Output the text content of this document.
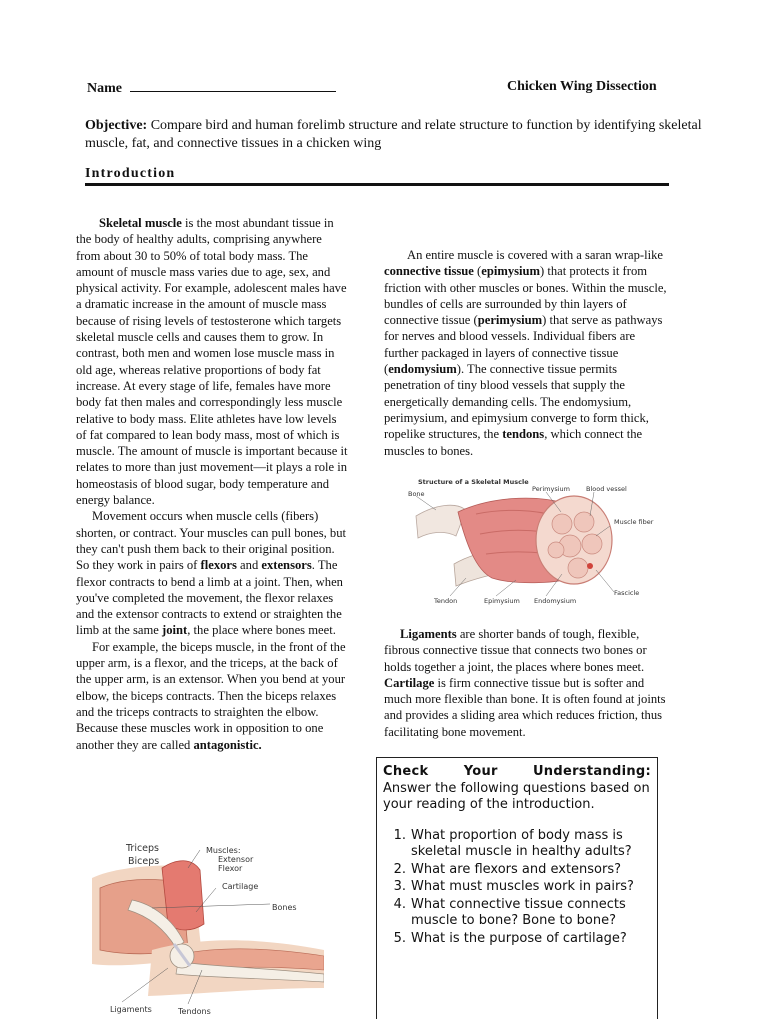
Name	Chicken Wing Dissection
Objective: Compare bird and human forelimb structure and relate structure to function by identifying skeletal muscle, fat, and connective tissues in a chicken wing
Introduction

Skeletal muscle is the most abundant tissue in the body of healthy adults, comprising anywhere from about 30 to 50% of total body mass. The amount of muscle mass varies due to age, sex, and physical activity. For example, adolescent males have a dramatic increase in the amount of muscle mass because of rising levels of testosterone which targets skeletal muscle cells and causes them to grow. In contrast, both men and women lose muscle mass in old age, whereas relative proportions of body fat increase. At every stage of life, females have more body fat then males and correspondingly less muscle relative to body mass. Elite athletes have low levels of fat compared to lean body mass, most of which is muscle. The amount of muscle is important because it relates to more than just movement—it plays a role in homeostasis of blood sugar, body temperature and energy balance.

Movement occurs when muscle cells (fibers) shorten, or contract. Your muscles can pull bones, but they can't push them back to their original position. So they work in pairs of flexors and extensors. The flexor contracts to bend a limb at a joint. Then, when you've completed the movement, the flexor relaxes and the extensor contracts to extend or straighten the limb at the same joint, the place where bones meet.

For example, the biceps muscle, in the front of the upper arm, is a flexor, and the triceps, at the back of the upper arm, is an extensor. When you bend at your elbow, the biceps contracts. Then the biceps relaxes and the triceps contracts to straighten the elbow. Because these muscles work in opposition to one another they are called antagonistic.

An entire muscle is covered with a saran wrap-like connective tissue (epimysium) that protects it from friction with other muscles or bones. Within the muscle, bundles of cells are surrounded by thin layers of connective tissue (perimysium) that serve as pathways for nerves and blood vessels. Individual fibers are further packaged in layers of connective tissue (endomysium). The connective tissue permits penetration of tiny blood vessels that supply the energetically demanding cells. The endomysium, perimysium, and epimysium converge to form thick, ropelike structures, the tendons, which connect the muscles to bones.

Structure of a Skeletal Muscle
Bone
Perimysium Blood vessel
Muscle fiber
Fascicle
Tendon	Epimysium Endomysium

Ligaments are shorter bands of tough, flexible, fibrous connective tissue that connects two bones or holds together a joint, the places where bones meet. Cartilage is firm connective tissue but is softer and much more flexible than bone. It is often found at joints and provides a sliding area which reduces friction, thus facilitating bone movement.

Triceps
Biceps
Muscles:
Extensor
Flexor
Cartilage
Bones
Ligaments	Tendons
Check	Your	Understanding:

Answer the following questions based on your reading of the introduction.

1. What proportion of body mass is skeletal muscle in healthy adults?
2. What are flexors and extensors?
3. What must muscles work in pairs?
4. What connective tissue connects muscle to bone? Bone to bone?
5. What is the purpose of cartilage?
